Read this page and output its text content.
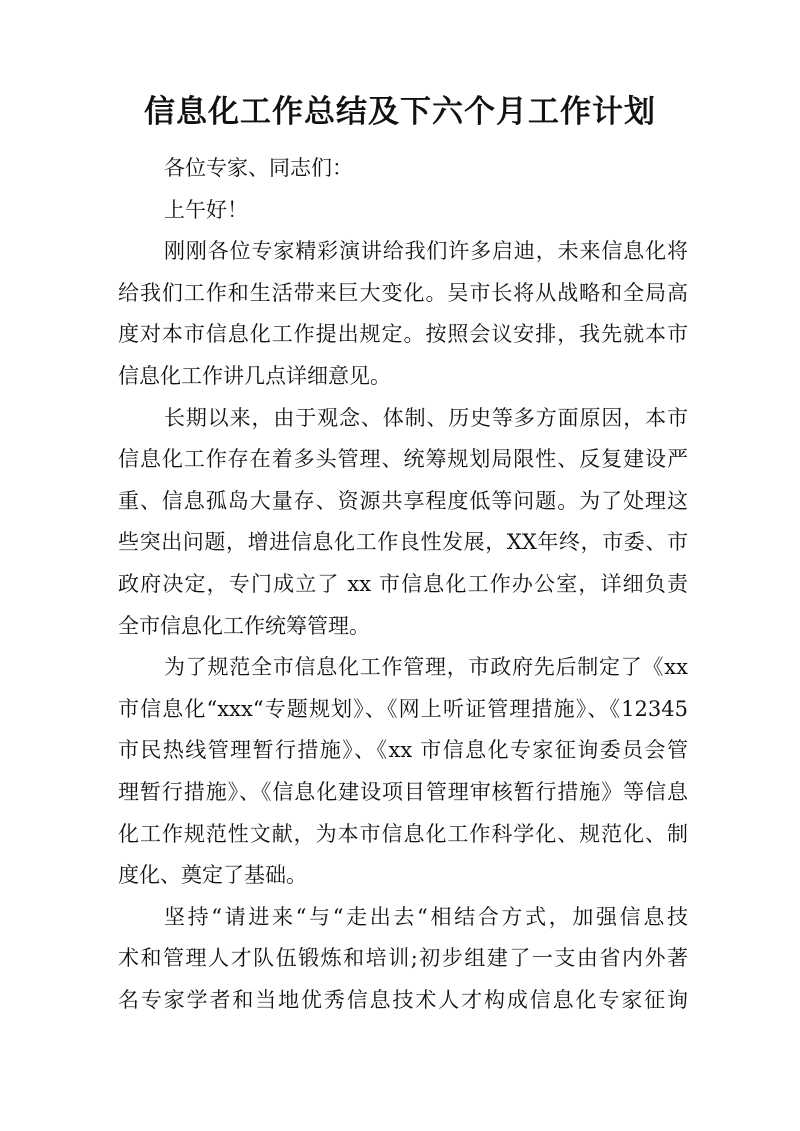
信息化工作总结及下六个月工作计划
各位专家、同志们：
上午好！
刚刚各位专家精彩演讲给我们许多启迪，未来信息化将
给我们工作和生活带来巨大变化。吴市长将从战略和全局高
度对本市信息化工作提出规定。按照会议安排，我先就本市
信息化工作讲几点详细意见。
长期以来，由于观念、体制、历史等多方面原因，本市
信息化工作存在着多头管理、统筹规划局限性、反复建设严
重、信息孤岛大量存、资源共享程度低等问题。为了处理这
些突出问题，增进信息化工作良性发展，XX年终，市委、市
政府决定，专门成立了 xx 市信息化工作办公室，详细负责
全市信息化工作统筹管理。
为了规范全市信息化工作管理，市政府先后制定了《xx
市信息化“xxx“专题规划》、《网上听证管理措施》、《12345
市民热线管理暂行措施》、《xx 市信息化专家征询委员会管
理暂行措施》、《信息化建设项目管理审核暂行措施》等信息
化工作规范性文献，为本市信息化工作科学化、规范化、制
度化、奠定了基础。
坚持“请进来“与“走出去“相结合方式，加强信息技
术和管理人才队伍锻炼和培训;初步组建了一支由省内外著
名专家学者和当地优秀信息技术人才构成信息化专家征询
